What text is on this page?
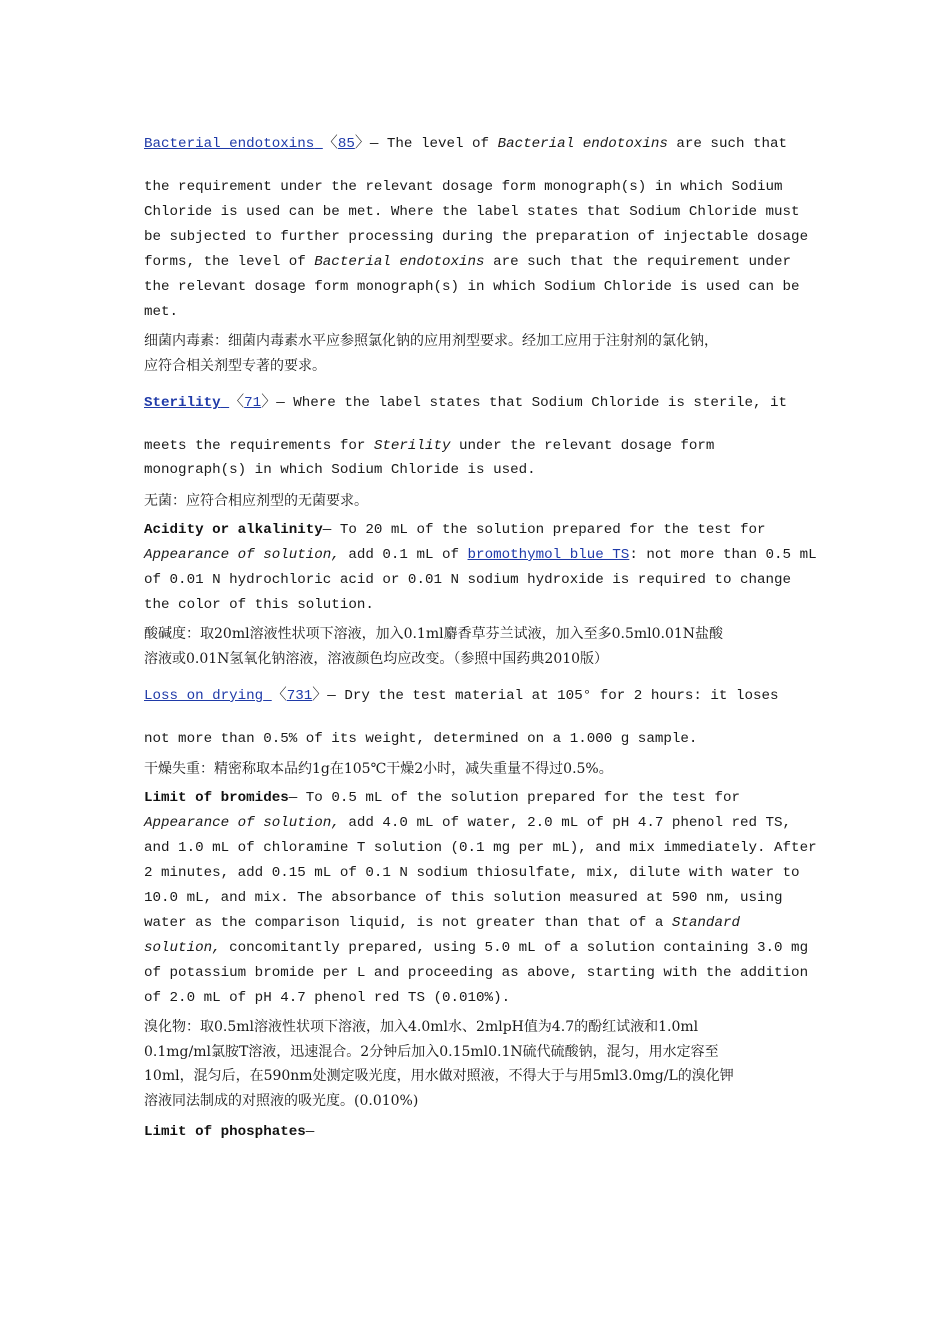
Bacterial endotoxins 〈85〉— The level of Bacterial endotoxins are such that
the requirement under the relevant dosage form monograph(s) in which Sodium
Chloride is used can be met. Where the label states that Sodium Chloride must
be subjected to further processing during the preparation of injectable dosage
forms, the level of Bacterial endotoxins are such that the requirement under
the relevant dosage form monograph(s) in which Sodium Chloride is used can be
met.
细菌内毒素：细菌内毒素水平应参照氯化钠的应用剂型要求。经加工应用于注射剂的氯化钠，
应符合相关剂型专著的要求。
Sterility 〈71〉— Where the label states that Sodium Chloride is sterile, it
meets the requirements for Sterility under the relevant dosage form
monograph(s) in which Sodium Chloride is used.
无菌：应符合相应剂型的无菌要求。
Acidity or alkalinity— To 20 mL of the solution prepared for the test for
Appearance of solution, add 0.1 mL of bromothymol blue TS: not more than 0.5 mL
of 0.01 N hydrochloric acid or 0.01 N sodium hydroxide is required to change
the color of this solution.
酸碱度：取20ml溶液性状项下溶液，加入0.1ml麝香草芬兰试液，加入至多0.5ml0.01N盐酸
溶液或0.01N氢氧化钠溶液，溶液颜色均应改变。（参照中国药典2010版）
Loss on drying 〈731〉— Dry the test material at 105° for 2 hours: it loses
not more than 0.5% of its weight, determined on a 1.000 g sample.
干燥失重：精密称取本品约1g在105℃干燥2小时，减失重量不得过0.5%。
Limit of bromides— To 0.5 mL of the solution prepared for the test for
Appearance of solution, add 4.0 mL of water, 2.0 mL of pH 4.7 phenol red TS,
and 1.0 mL of chloramine T solution (0.1 mg per mL), and mix immediately. After
2 minutes, add 0.15 mL of 0.1 N sodium thiosulfate, mix, dilute with water to
10.0 mL, and mix. The absorbance of this solution measured at 590 nm, using
water as the comparison liquid, is not greater than that of a Standard
solution, concomitantly prepared, using 5.0 mL of a solution containing 3.0 mg
of potassium bromide per L and proceeding as above, starting with the addition
of 2.0 mL of pH 4.7 phenol red TS (0.010%).
溴化物：取0.5ml溶液性状项下溶液，加入4.0ml水、2mlpH值为4.7的酚红试液和1.0ml
0.1mg/ml氯胺T溶液，迅速混合。2分钟后加入0.15ml0.1N硫代硫酸钠，混匀，用水定容至
10ml，混匀后，在590nm处测定吸光度，用水做对照液，不得大于与用5ml3.0mg/L的溴化钾
溶液同法制成的对照液的吸光度。(0.010%)
Limit of phosphates—
